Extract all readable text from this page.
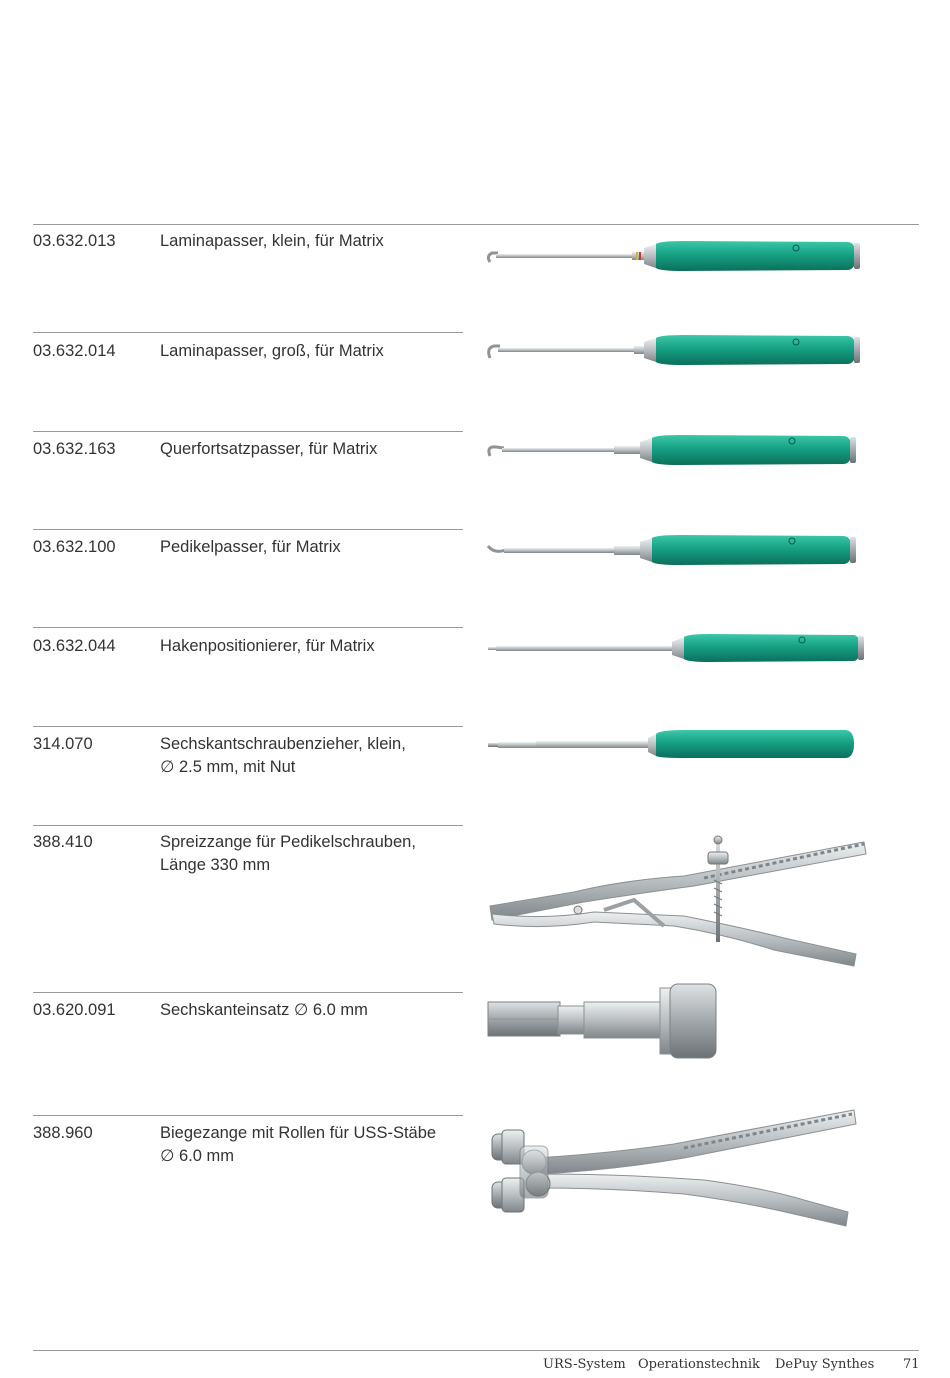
03.632.013	Laminapasser, klein, für Matrix
03.632.014	Laminapasser, groß, für Matrix
03.632.163	Querfortsatzpasser, für Matrix
03.632.100	Pedikelpasser, für Matrix
03.632.044	Hakenpositionierer, für Matrix
314.070	Sechskantschraubenzieher, klein,
∅ 2.5 mm, mit Nut
388.410	Spreizzange für Pedikelschrauben,
Länge 330 mm
03.620.091	Sechskanteinsatz ∅ 6.0 mm
388.960	Biegezange mit Rollen für USS-Stäbe
∅ 6.0 mm
URS-System Operationstechnik DePuy Synthes 71
